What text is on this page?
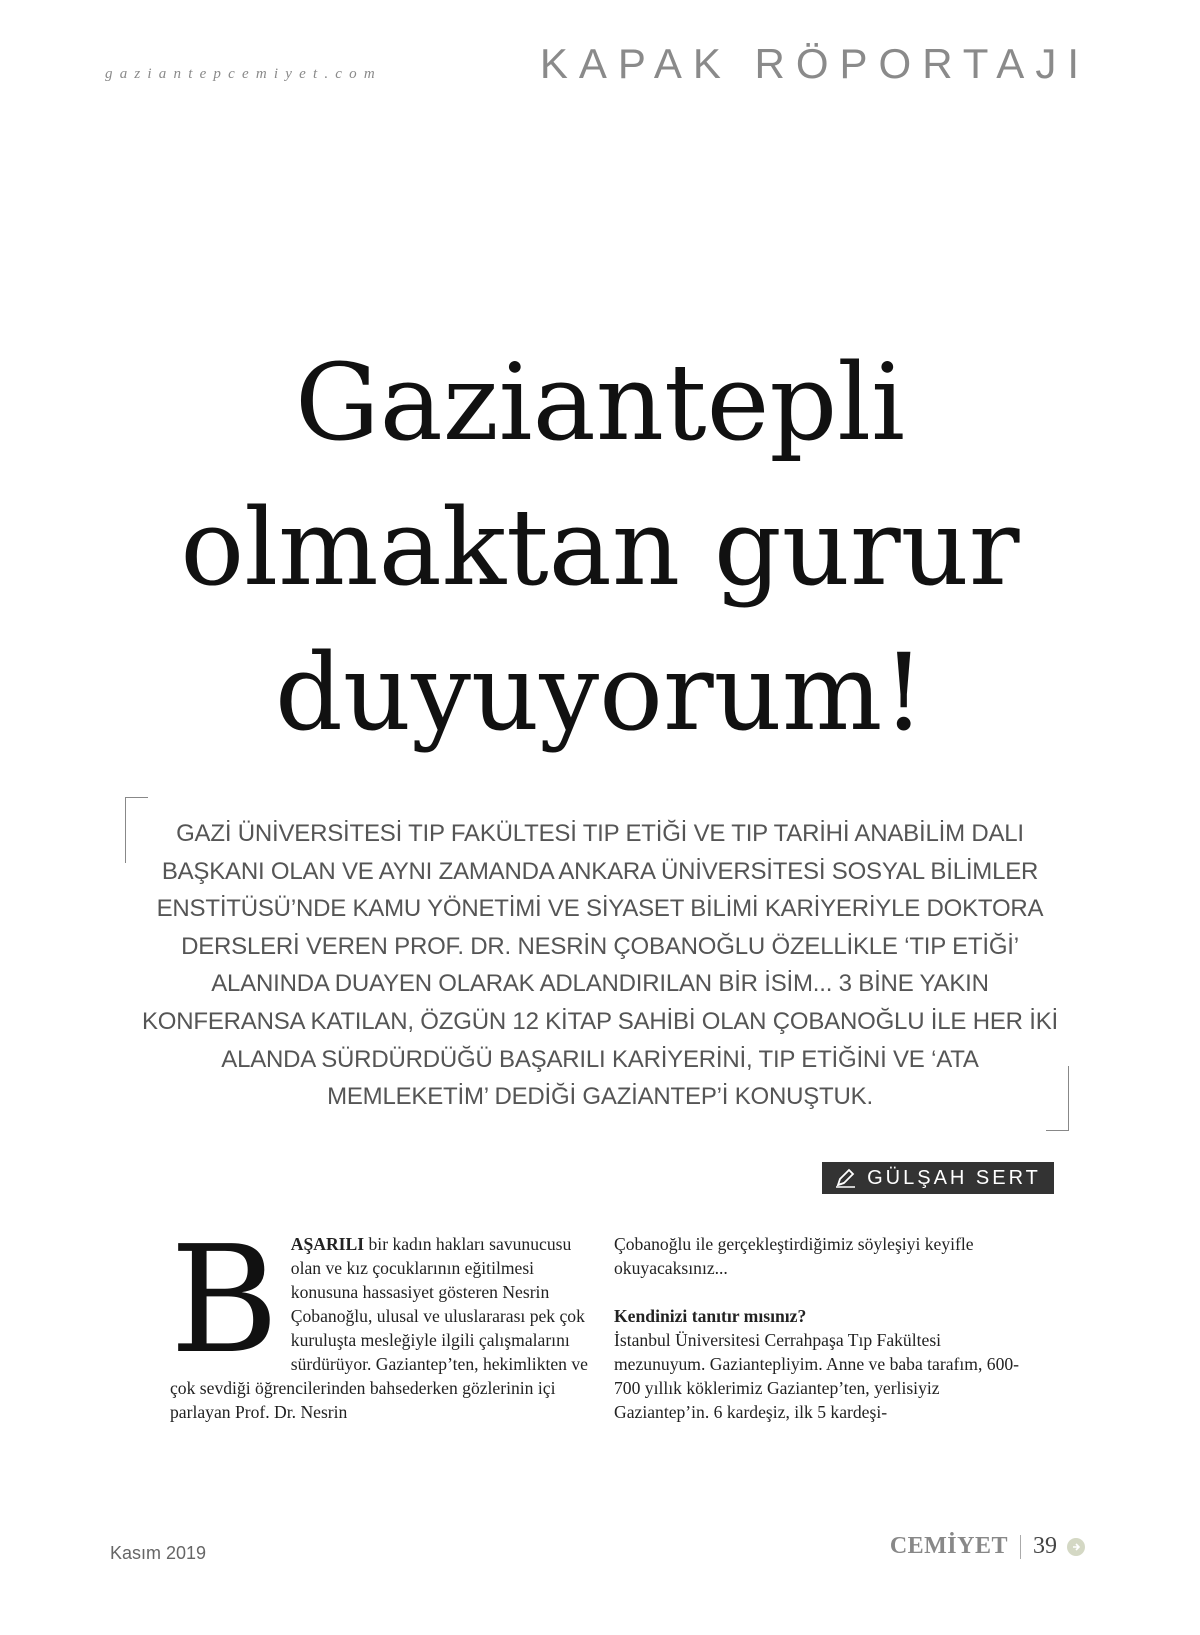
gaziantepcemiyet.com	KAPAK RÖPORTAJI
Gaziantepli
olmaktan gurur
duyuyorum!

GAZİ ÜNİVERSİTESİ TIP FAKÜLTESİ TIP ETİĞİ VE TIP TARİHİ ANABİLİM DALI BAŞKANI OLAN VE AYNI ZAMANDA ANKARA ÜNİVERSİTESİ SOSYAL BİLİMLER ENSTİTÜSÜ’NDE KAMU YÖNETİMİ VE SİYASET BİLİMİ KARİYERİYLE DOKTORA DERSLERİ VEREN PROF. DR. NESRİN ÇOBANOĞLU ÖZELLİKLE ‘TIP ETİĞİ’ ALANINDA DUAYEN OLARAK ADLANDIRILAN BİR İSİM... 3 BİNE YAKIN KONFERANSA KATILAN, ÖZGÜN 12 KİTAP SAHİBİ OLAN ÇOBANOĞLU İLE HER İKİ ALANDA SÜRDÜRDÜĞÜ BAŞARILI KARİYERİNİ, TIP ETİĞİNİ VE ‘ATA MEMLEKETİM’ DEDİĞİ GAZİANTEP’İ KONUŞTUK.

GÜLŞAH SERT
BAŞARILI bir kadın hakları savunucusu olan ve kız çocuklarının eğitilmesi konusuna hassasiyet gösteren Nesrin Çobanoğlu, ulusal ve uluslararası pek çok kuruluşta mesleğiyle ilgili çalışmalarını sürdürüyor. Gaziantep’ten, hekimlikten ve çok sevdiği öğrencilerinden bahsederken gözlerinin içi parlayan Prof. Dr. Nesrin
Çobanoğlu ile gerçekleştirdiğimiz söyleşiyi keyifle okuyacaksınız...
Kendinizi tanıtır mısınız?
İstanbul Üniversitesi Cerrahpaşa Tıp Fakültesi mezunuyum. Gaziantepliyim. Anne ve baba tarafım, 600-700 yıllık köklerimiz Gaziantep’ten, yerlisiyiz Gaziantep’in. 6 kardeşiz, ilk 5 kardeşi-
Kasım 2019	CEMİYET 39
